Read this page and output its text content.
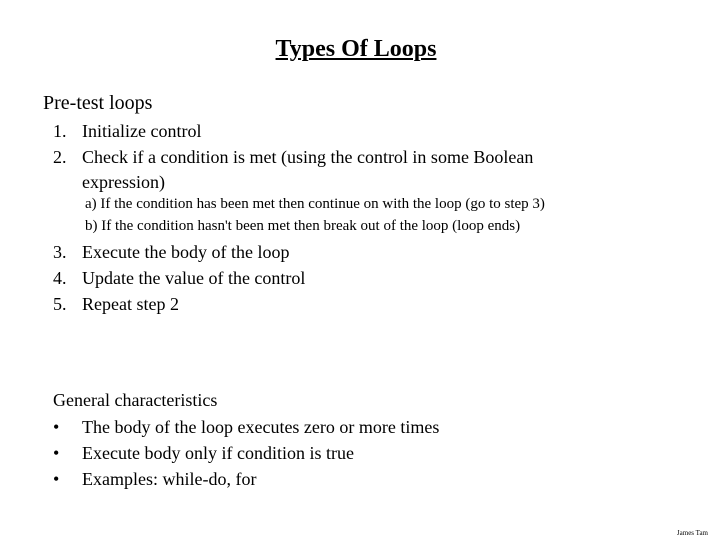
Types Of Loops
Pre-test loops
1. Initialize control
2. Check if a condition is met (using the control in some Boolean
expression)
a) If the condition has been met then continue on with the loop (go to step 3)
b) If the condition hasn't been met then break out of the loop (loop ends)
3. Execute the body of the loop
4. Update the value of the control
5. Repeat step 2
General characteristics
• The body of the loop executes zero or more times
• Execute body only if condition is true
• Examples: while-do, for
James Tam
